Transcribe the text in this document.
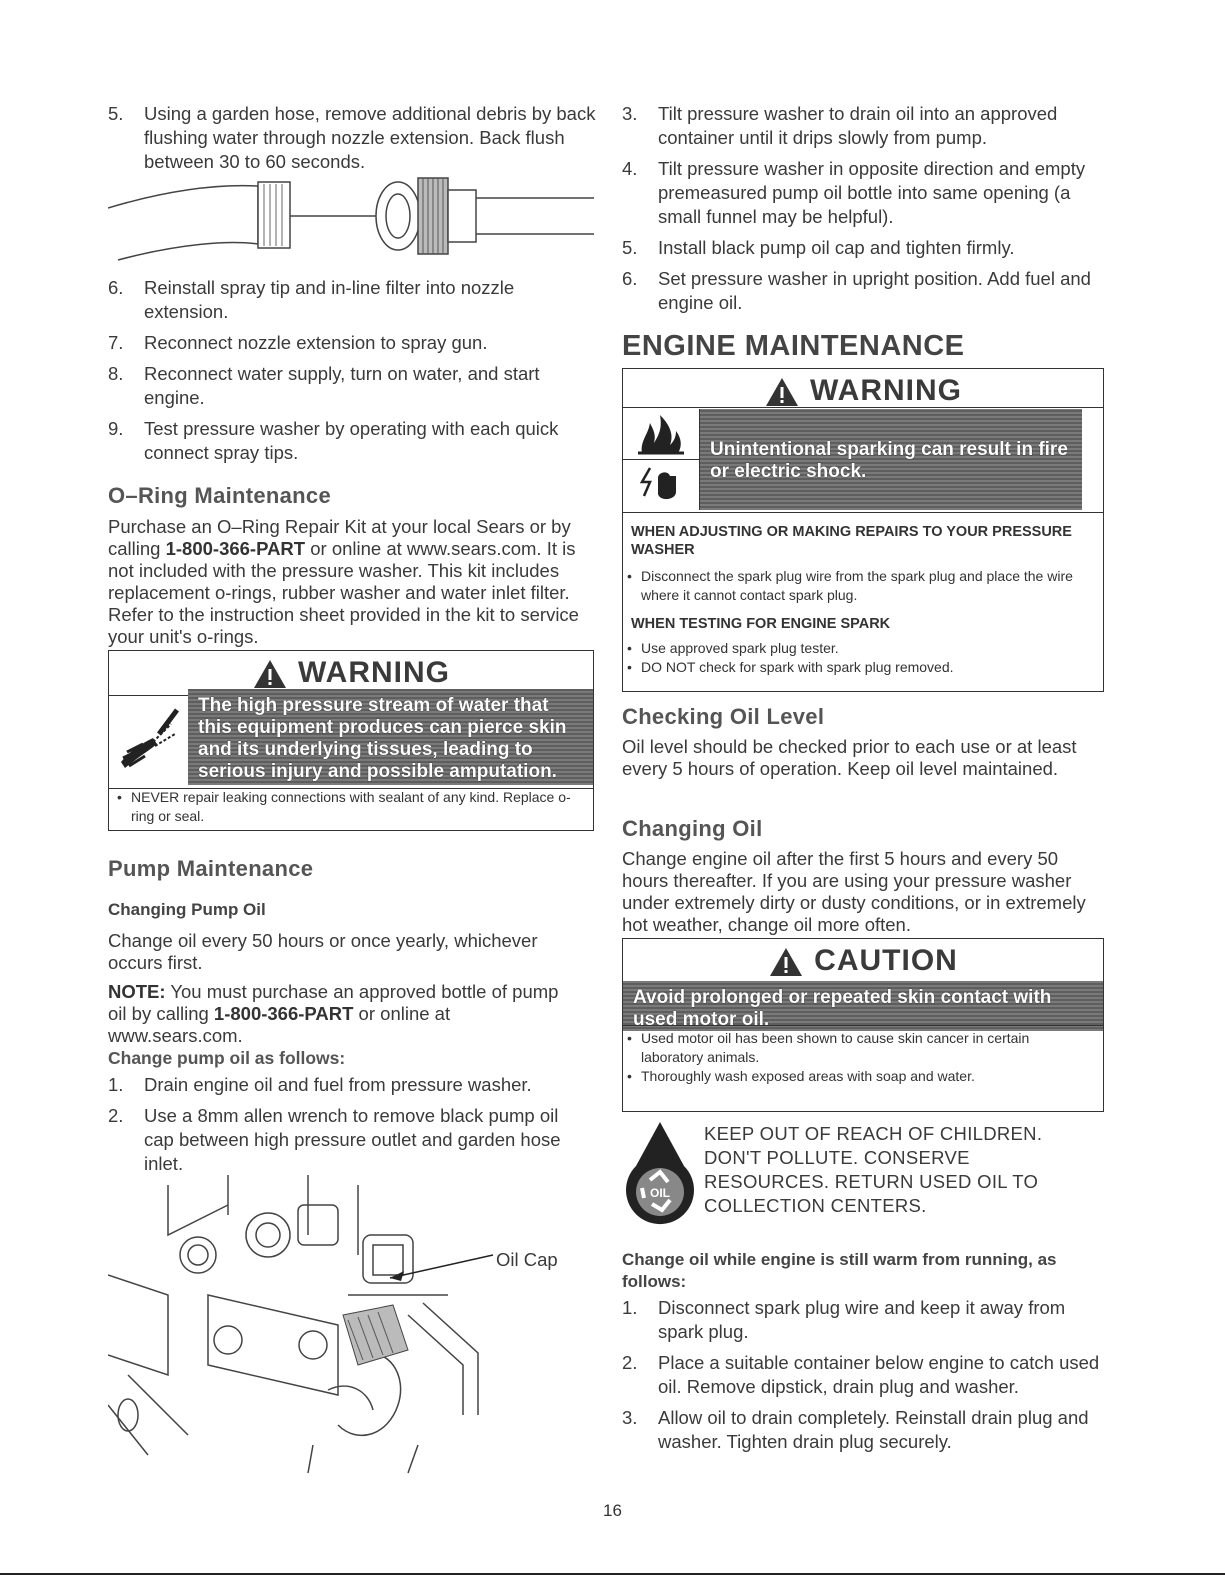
5. Using a garden hose, remove additional debris by back flushing water through nozzle extension. Back flush between 30 to 60 seconds.
6. Reinstall spray tip and in-line filter into nozzle extension.
7. Reconnect nozzle extension to spray gun.
8. Reconnect water supply, turn on water, and start engine.
9. Test pressure washer by operating with each quick connect spray tips.
O–Ring Maintenance

Purchase an O–Ring Repair Kit at your local Sears or by calling 1-800-366-PART or online at www.sears.com. It is not included with the pressure washer. This kit includes replacement o-rings, rubber washer and water inlet filter. Refer to the instruction sheet provided in the kit to service your unit's o-rings.

WARNING
The high pressure stream of water that this equipment produces can pierce skin and its underlying tissues, leading to serious injury and possible amputation.
• NEVER repair leaking connections with sealant of any kind. Replace o-ring or seal.
Pump Maintenance
Changing Pump Oil

Change oil every 50 hours or once yearly, whichever occurs first.

NOTE: You must purchase an approved bottle of pump oil by calling 1-800-366-PART or online at www.sears.com.

Change pump oil as follows:
1. Drain engine oil and fuel from pressure washer.
2. Use a 8mm allen wrench to remove black pump oil cap between high pressure outlet and garden hose inlet.
Oil Cap
3. Tilt pressure washer to drain oil into an approved container until it drips slowly from pump.
4. Tilt pressure washer in opposite direction and empty premeasured pump oil bottle into same opening (a small funnel may be helpful).
5. Install black pump oil cap and tighten firmly.
6. Set pressure washer in upright position. Add fuel and engine oil.
ENGINE MAINTENANCE
WARNING
Unintentional sparking can result in fire or electric shock.
WHEN ADJUSTING OR MAKING REPAIRS TO YOUR PRESSURE WASHER
• Disconnect the spark plug wire from the spark plug and place the wire where it cannot contact spark plug.
WHEN TESTING FOR ENGINE SPARK
• Use approved spark plug tester.
• DO NOT check for spark with spark plug removed.
Checking Oil Level

Oil level should be checked prior to each use or at least every 5 hours of operation. Keep oil level maintained.

Changing Oil

Change engine oil after the first 5 hours and every 50 hours thereafter. If you are using your pressure washer under extremely dirty or dusty conditions, or in extremely hot weather, change oil more often.

CAUTION
Avoid prolonged or repeated skin contact with used motor oil.
• Used motor oil has been shown to cause skin cancer in certain laboratory animals.
• Thoroughly wash exposed areas with soap and water.
OIL

KEEP OUT OF REACH OF CHILDREN. DON'T POLLUTE. CONSERVE RESOURCES. RETURN USED OIL TO COLLECTION CENTERS.

Change oil while engine is still warm from running, as follows:
1. Disconnect spark plug wire and keep it away from spark plug.
2. Place a suitable container below engine to catch used oil. Remove dipstick, drain plug and washer.
3. Allow oil to drain completely. Reinstall drain plug and washer. Tighten drain plug securely.
16
